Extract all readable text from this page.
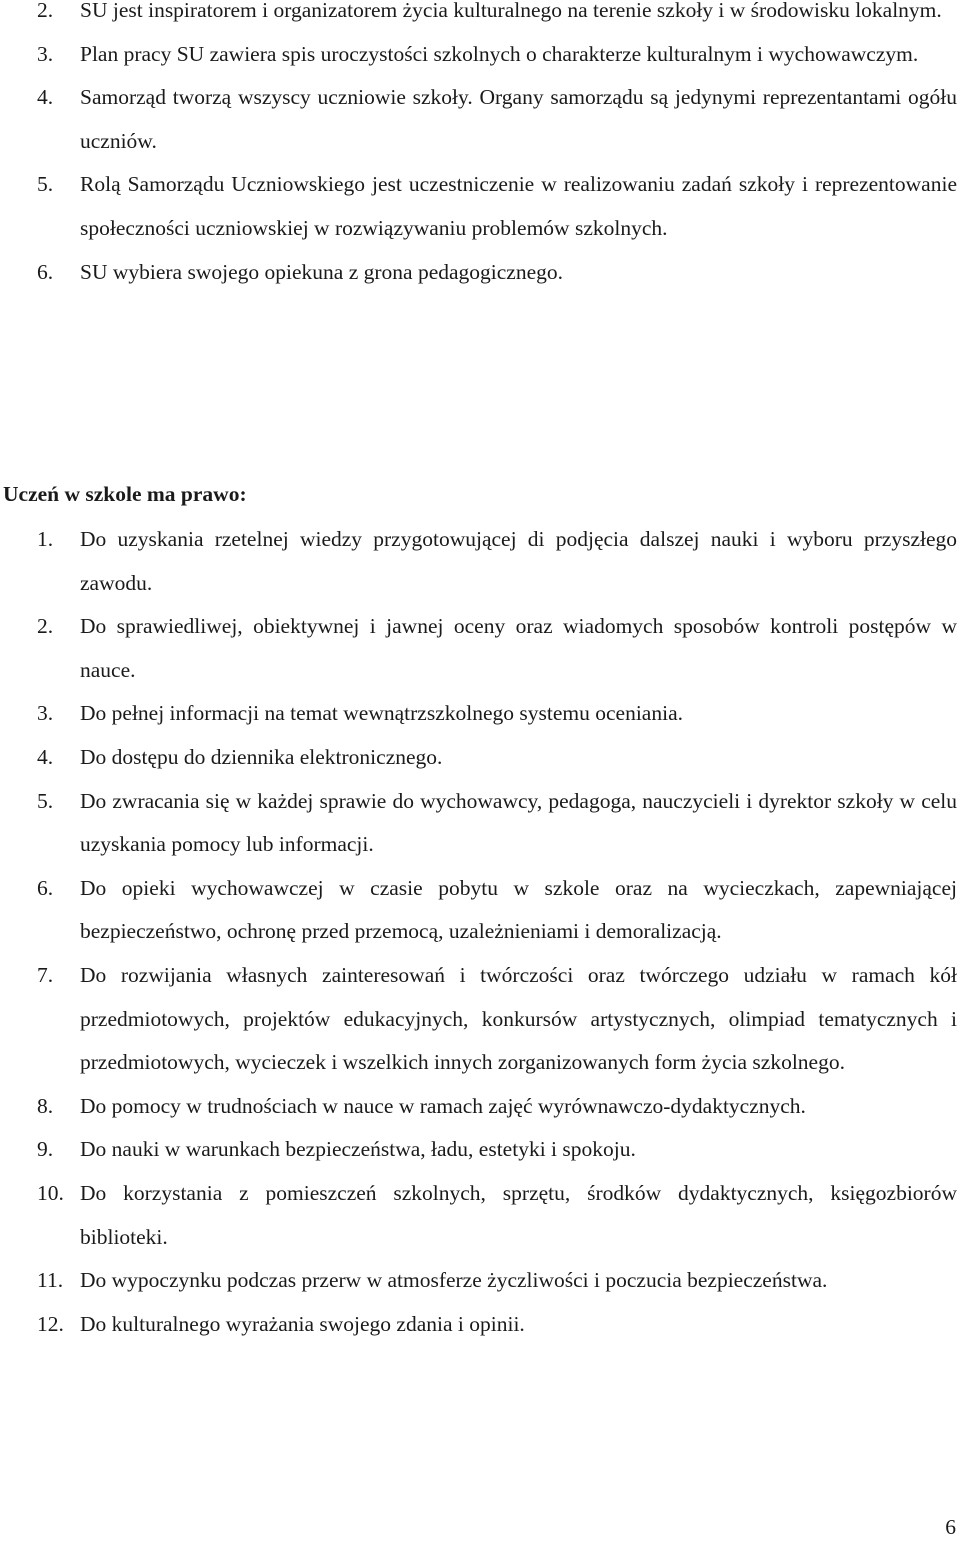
2. SU jest inspiratorem i organizatorem życia kulturalnego na terenie szkoły i w środowisku lokalnym.
3. Plan pracy SU zawiera spis uroczystości szkolnych o charakterze kulturalnym i wychowawczym.
4. Samorząd tworzą wszyscy uczniowie szkoły. Organy samorządu są jedynymi reprezentantami ogółu uczniów.
5. Rolą Samorządu Uczniowskiego jest uczestniczenie w realizowaniu zadań szkoły i reprezentowanie społeczności uczniowskiej w rozwiązywaniu problemów szkolnych.
6. SU wybiera swojego opiekuna z grona pedagogicznego.
Uczeń w szkole ma prawo:
1. Do uzyskania rzetelnej wiedzy przygotowującej di podjęcia dalszej nauki i wyboru przyszłego zawodu.
2. Do sprawiedliwej, obiektywnej i jawnej oceny oraz wiadomych sposobów kontroli postępów w nauce.
3. Do pełnej informacji na temat wewnątrzszkolnego systemu oceniania.
4. Do dostępu do dziennika elektronicznego.
5. Do zwracania się w każdej sprawie do wychowawcy, pedagoga, nauczycieli i dyrektor szkoły w celu uzyskania pomocy lub informacji.
6. Do opieki wychowawczej w czasie pobytu w szkole oraz na wycieczkach, zapewniającej bezpieczeństwo, ochronę przed przemocą, uzależnieniami i demoralizacją.
7. Do rozwijania własnych zainteresowań i twórczości oraz twórczego udziału w ramach kół przedmiotowych, projektów edukacyjnych, konkursów artystycznych, olimpiad tematycznych i przedmiotowych, wycieczek i wszelkich innych zorganizowanych form życia szkolnego.
8. Do pomocy w trudnościach w nauce w ramach zajęć wyrównawczo-dydaktycznych.
9. Do nauki w warunkach bezpieczeństwa, ładu, estetyki i spokoju.
10. Do korzystania z pomieszczeń szkolnych, sprzętu, środków dydaktycznych, księgozbiorów biblioteki.
11. Do wypoczynku podczas przerw w atmosferze życzliwości i poczucia bezpieczeństwa.
12. Do kulturalnego wyrażania swojego zdania i opinii.
6
